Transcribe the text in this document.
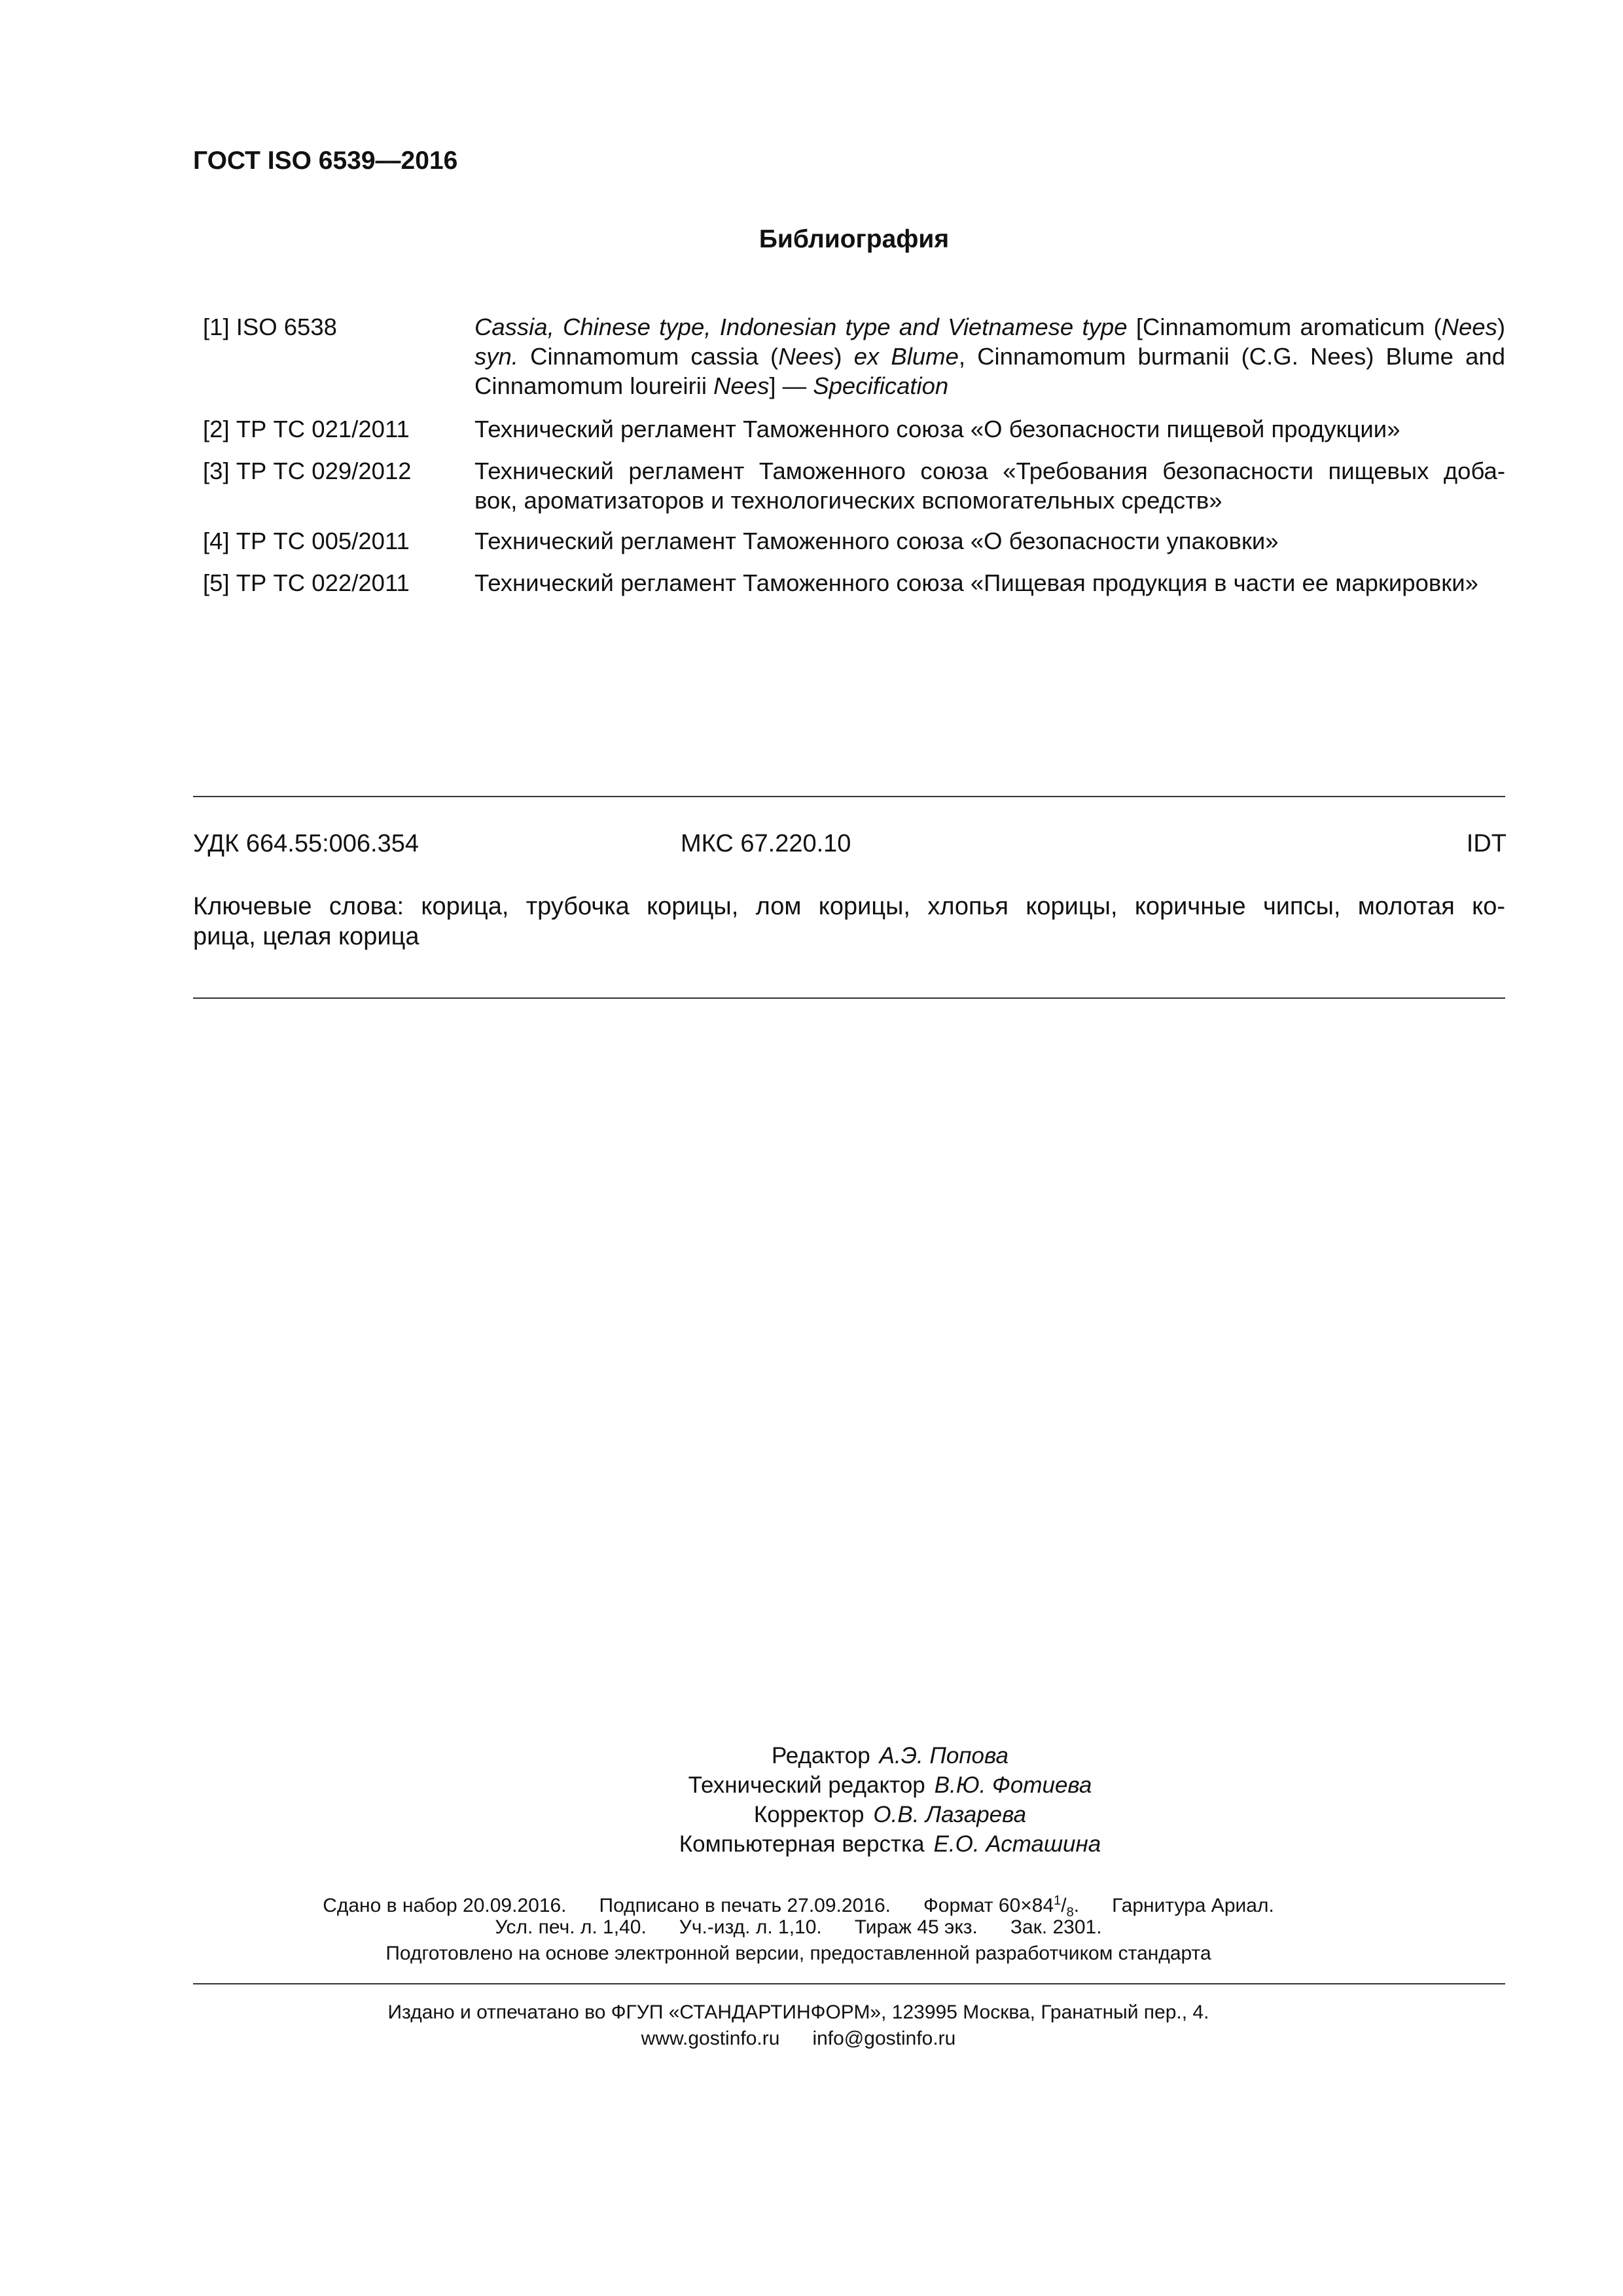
ГОСТ ISO 6539—2016
Библиография
[1] ISO 6538	Cassia, Chinese type, Indonesian type and Vietnamese type [Cinnamomum aromaticum (Nees)
syn. Cinnamomum cassia (Nees) ex Blume, Cinnamomum burmanii (C.G. Nees) Blume and
Cinnamomum loureirii Nees] — Specification
[2] ТР ТС 021/2011	Технический регламент Таможенного союза «О безопасности пищевой продукции»
[3] ТР ТС 029/2012	Технический регламент Таможенного союза «Требования безопасности пищевых доба-
вок, ароматизаторов и технологических вспомогательных средств»
[4] ТР ТС 005/2011	Технический регламент Таможенного союза «О безопасности упаковки»
[5] ТР ТС 022/2011	Технический регламент Таможенного союза «Пищевая продукция в части ее маркировки»
УДК 664.55:006.354	МКС 67.220.10	IDT
Ключевые слова: корица, трубочка корицы, лом корицы, хлопья корицы, коричные чипсы, молотая ко-
рица, целая корица
Редактор А.Э. Попова
Технический редактор В.Ю. Фотиева
Корректор О.В. Лазарева
Компьютерная верстка Е.О. Асташина
Сдано в набор 20.09.2016. Подписано в печать 27.09.2016. Формат $60\times 84^1/_8$. Гарнитура Ариал.
Усл. печ. л. 1,40. Уч.-изд. л. 1,10. Тираж 45 экз. Зак. 2301.
Подготовлено на основе электронной версии, предоставленной разработчиком стандарта
Издано и отпечатано во ФГУП «СТАНДАРТИНФОРМ», 123995 Москва, Гранатный пер., 4.
www.gostinfo.ru info@gostinfo.ru
